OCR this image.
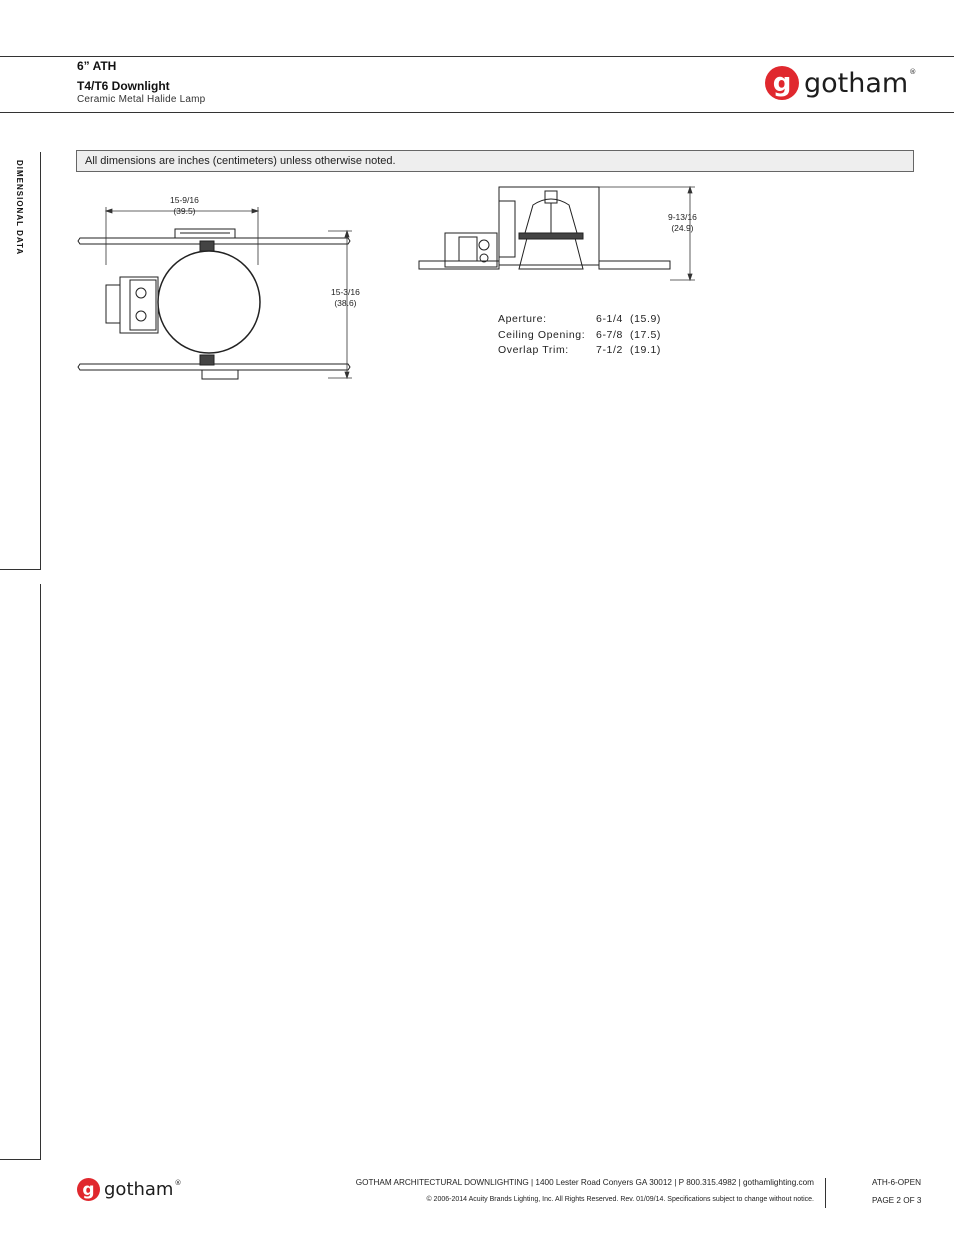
6” ATH
T4/T6 Downlight
Ceramic Metal Halide Lamp
g gotham®
DIMENSIONAL DATA	All dimensions are inches (centimeters) unless otherwise noted.
15-9/16
(39.5)
15-3/16
(38.6)
9-13/16
(24.9)
Aperture:	6-1/4  (15.9)
Ceiling Opening:	6-7/8  (17.5)
Overlap Trim:	7-1/2  (19.1)
g gotham®	GOTHAM ARCHITECTURAL DOWNLIGHTING | 1400 Lester Road Conyers GA 30012 | P 800.315.4982 | gothamlighting.com
© 2006-2014 Acuity Brands Lighting, Inc. All Rights Reserved. Rev. 01/09/14. Specifications subject to change without notice.
ATH-6-OPEN
PAGE 2 OF 3
